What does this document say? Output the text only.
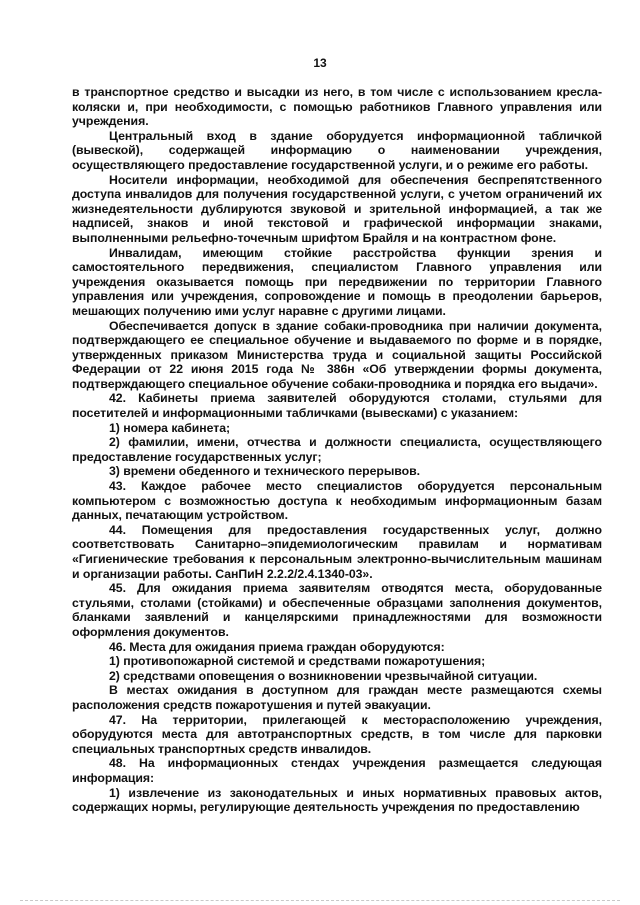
13

в транспортное средство и высадки из него, в том числе с использованием кресла-коляски и, при необходимости, с помощью работников Главного управления или учреждения.

Центральный вход в здание оборудуется информационной табличкой (вывеской), содержащей информацию о наименовании учреждения, осуществляющего предоставление государственной услуги, и о режиме его работы.

Носители информации, необходимой для обеспечения беспрепятственного доступа инвалидов для получения государственной услуги, с учетом ограничений их жизнедеятельности дублируются звуковой и зрительной информацией, а так же надписей, знаков и иной текстовой и графической информации знаками, выполненными рельефно-точечным шрифтом Брайля и на контрастном фоне.

Инвалидам, имеющим стойкие расстройства функции зрения и самостоятельного передвижения, специалистом Главного управления или учреждения оказывается помощь при передвижении по территории Главного управления или учреждения, сопровождение и помощь в преодолении барьеров, мешающих получению ими услуг наравне с другими лицами.

Обеспечивается допуск в здание собаки-проводника при наличии документа, подтверждающего ее специальное обучение и выдаваемого по форме и в порядке, утвержденных приказом Министерства труда и социальной защиты Российской Федерации от 22 июня 2015 года № 386н «Об утверждении формы документа, подтверждающего специальное обучение собаки-проводника и порядка его выдачи».

42. Кабинеты приема заявителей оборудуются столами, стульями для посетителей и информационными табличками (вывесками) с указанием:

1) номера кабинета;

2) фамилии, имени, отчества и должности специалиста, осуществляющего предоставление государственных услуг;

3) времени обеденного и технического перерывов.

43. Каждое рабочее место специалистов оборудуется персональным компьютером с возможностью доступа к необходимым информационным базам данных, печатающим устройством.

44. Помещения для предоставления государственных услуг, должно соответствовать Санитарно–эпидемиологическим правилам и нормативам «Гигиенические требования к персональным электронно-вычислительным машинам и организации работы. СанПиН 2.2.2/2.4.1340-03».

45. Для ожидания приема заявителям отводятся места, оборудованные стульями, столами (стойками) и обеспеченные образцами заполнения документов, бланками заявлений и канцелярскими принадлежностями для возможности оформления документов.

46. Места для ожидания приема граждан оборудуются:

1) противопожарной системой и средствами пожаротушения;

2) средствами оповещения о возникновении чрезвычайной ситуации.

В местах ожидания в доступном для граждан месте размещаются схемы расположения средств пожаротушения и путей эвакуации.

47. На территории, прилегающей к месторасположению учреждения, оборудуются места для автотранспортных средств, в том числе для парковки специальных транспортных средств инвалидов.

48. На информационных стендах учреждения размещается следующая информация:

1) извлечение из законодательных и иных нормативных правовых актов, содержащих нормы, регулирующие деятельность учреждения по предоставлению
